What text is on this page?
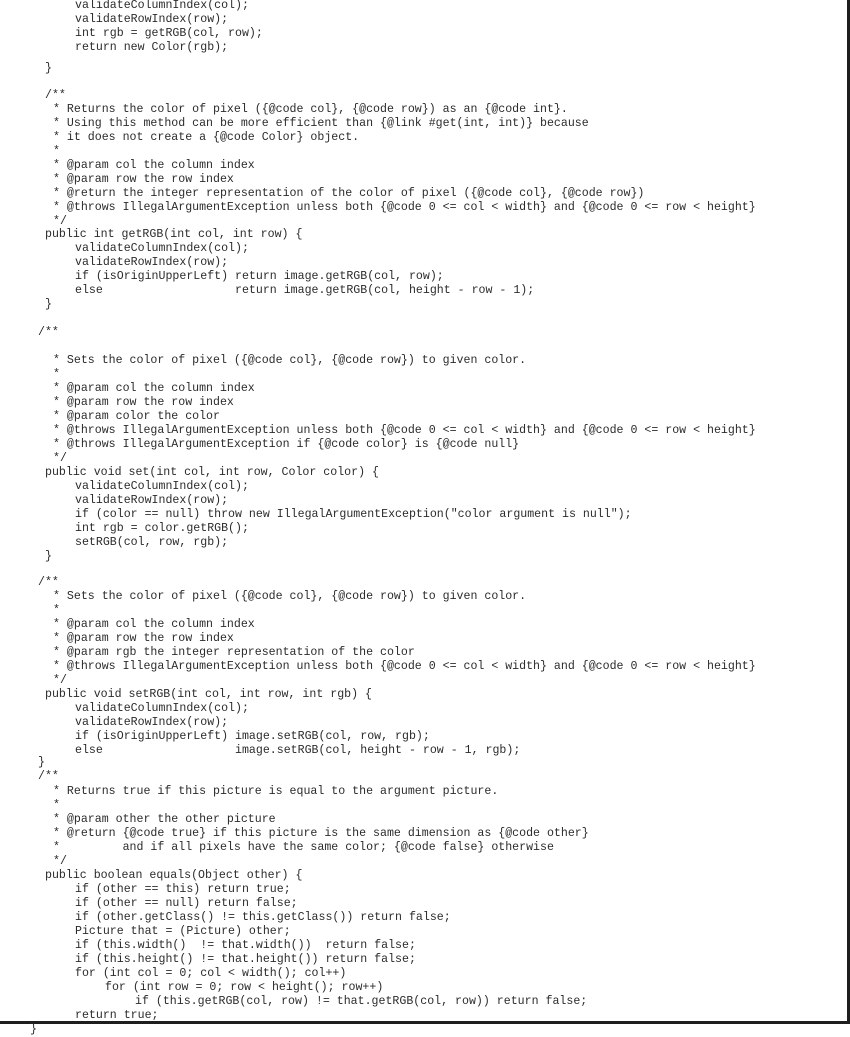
validateColumnIndex(col);
validateRowIndex(row);
int rgb = getRGB(col, row);
return new Color(rgb);
}
/**
* Returns the color of pixel ({@code col}, {@code row}) as an {@code int}.
* Using this method can be more efficient than {@link #get(int, int)} because
* it does not create a {@code Color} object.
*
* @param col the column index
* @param row the row index
* @return the integer representation of the color of pixel ({@code col}, {@code row})
* @throws IllegalArgumentException unless both {@code 0 <= col < width} and {@code 0 <= row < height}
*/
public int getRGB(int col, int row) {
validateColumnIndex(col);
validateRowIndex(row);
if (isOriginUpperLeft) return image.getRGB(col, row);
else                   return image.getRGB(col, height - row - 1);
}
/**
* Sets the color of pixel ({@code col}, {@code row}) to given color.
*
* @param col the column index
* @param row the row index
* @param color the color
* @throws IllegalArgumentException unless both {@code 0 <= col < width} and {@code 0 <= row < height}
* @throws IllegalArgumentException if {@code color} is {@code null}
*/
public void set(int col, int row, Color color) {
validateColumnIndex(col);
validateRowIndex(row);
if (color == null) throw new IllegalArgumentException("color argument is null");
int rgb = color.getRGB();
setRGB(col, row, rgb);
}
/**
* Sets the color of pixel ({@code col}, {@code row}) to given color.
*
* @param col the column index
* @param row the row index
* @param rgb the integer representation of the color
* @throws IllegalArgumentException unless both {@code 0 <= col < width} and {@code 0 <= row < height}
*/
public void setRGB(int col, int row, int rgb) {
validateColumnIndex(col);
validateRowIndex(row);
if (isOriginUpperLeft) image.setRGB(col, row, rgb);
else                   image.setRGB(col, height - row - 1, rgb);
}
/**
* Returns true if this picture is equal to the argument picture.
*
* @param other the other picture
* @return {@code true} if this picture is the same dimension as {@code other}
*         and if all pixels have the same color; {@code false} otherwise
*/
public boolean equals(Object other) {
if (other == this) return true;
if (other == null) return false;
if (other.getClass() != this.getClass()) return false;
Picture that = (Picture) other;
if (this.width()  != that.width())  return false;
if (this.height() != that.height()) return false;
for (int col = 0; col < width(); col++)
for (int row = 0; row < height(); row++)
if (this.getRGB(col, row) != that.getRGB(col, row)) return false;
return true;
}
